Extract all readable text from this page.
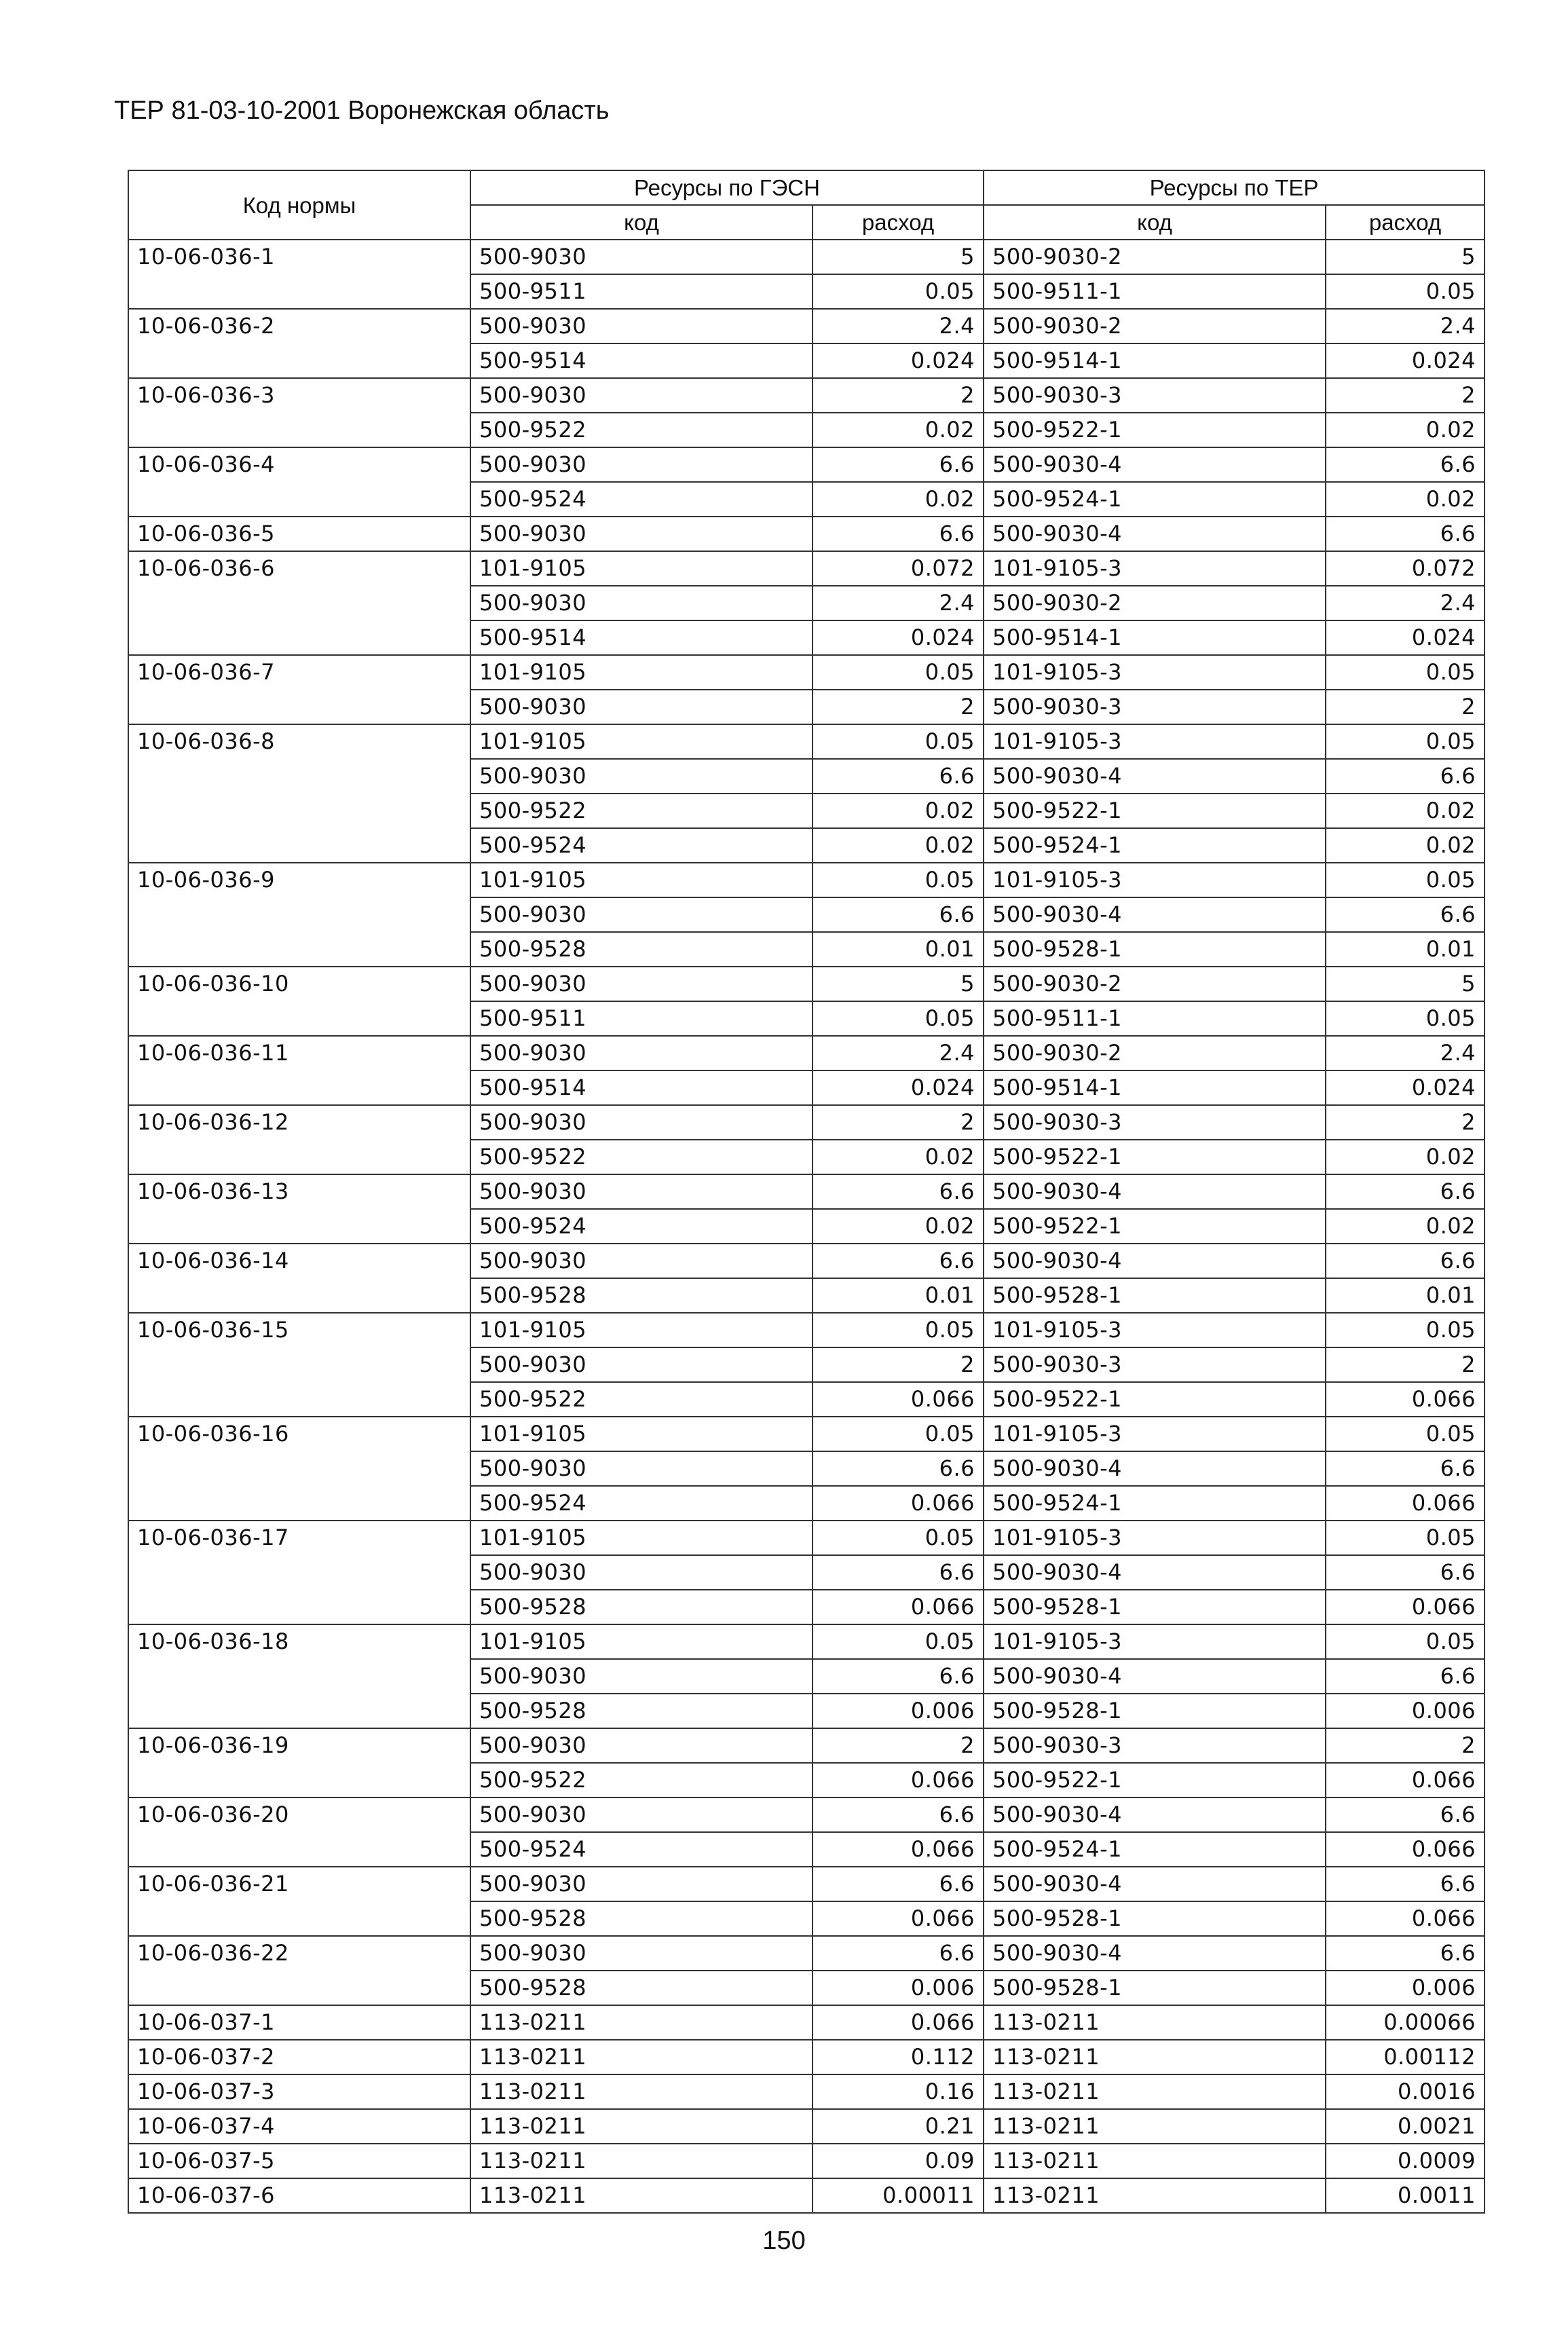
ТЕР 81-03-10-2001 Воронежская область
Код нормы	Ресурсы по ГЭСН		Ресурсы по ТЕР	
	код	расход	код	расход
10-06-036-1	500-9030	5	500-9030-2	5
	500-9511	0.05	500-9511-1	0.05
10-06-036-2	500-9030	2.4	500-9030-2	2.4
	500-9514	0.024	500-9514-1	0.024
10-06-036-3	500-9030	2	500-9030-3	2
	500-9522	0.02	500-9522-1	0.02
10-06-036-4	500-9030	6.6	500-9030-4	6.6
	500-9524	0.02	500-9524-1	0.02
10-06-036-5	500-9030	6.6	500-9030-4	6.6
10-06-036-6	101-9105	0.072	101-9105-3	0.072
	500-9030	2.4	500-9030-2	2.4
	500-9514	0.024	500-9514-1	0.024
10-06-036-7	101-9105	0.05	101-9105-3	0.05
	500-9030	2	500-9030-3	2
10-06-036-8	101-9105	0.05	101-9105-3	0.05
	500-9030	6.6	500-9030-4	6.6
	500-9522	0.02	500-9522-1	0.02
	500-9524	0.02	500-9524-1	0.02
10-06-036-9	101-9105	0.05	101-9105-3	0.05
	500-9030	6.6	500-9030-4	6.6
	500-9528	0.01	500-9528-1	0.01
10-06-036-10	500-9030	5	500-9030-2	5
	500-9511	0.05	500-9511-1	0.05
10-06-036-11	500-9030	2.4	500-9030-2	2.4
	500-9514	0.024	500-9514-1	0.024
10-06-036-12	500-9030	2	500-9030-3	2
	500-9522	0.02	500-9522-1	0.02
10-06-036-13	500-9030	6.6	500-9030-4	6.6
	500-9524	0.02	500-9522-1	0.02
10-06-036-14	500-9030	6.6	500-9030-4	6.6
	500-9528	0.01	500-9528-1	0.01
10-06-036-15	101-9105	0.05	101-9105-3	0.05
	500-9030	2	500-9030-3	2
	500-9522	0.066	500-9522-1	0.066
10-06-036-16	101-9105	0.05	101-9105-3	0.05
	500-9030	6.6	500-9030-4	6.6
	500-9524	0.066	500-9524-1	0.066
10-06-036-17	101-9105	0.05	101-9105-3	0.05
	500-9030	6.6	500-9030-4	6.6
	500-9528	0.066	500-9528-1	0.066
10-06-036-18	101-9105	0.05	101-9105-3	0.05
	500-9030	6.6	500-9030-4	6.6
	500-9528	0.006	500-9528-1	0.006
10-06-036-19	500-9030	2	500-9030-3	2
	500-9522	0.066	500-9522-1	0.066
10-06-036-20	500-9030	6.6	500-9030-4	6.6
	500-9524	0.066	500-9524-1	0.066
10-06-036-21	500-9030	6.6	500-9030-4	6.6
	500-9528	0.066	500-9528-1	0.066
10-06-036-22	500-9030	6.6	500-9030-4	6.6
	500-9528	0.006	500-9528-1	0.006
10-06-037-1	113-0211	0.066	113-0211	0.00066
10-06-037-2	113-0211	0.112	113-0211	0.00112
10-06-037-3	113-0211	0.16	113-0211	0.0016
10-06-037-4	113-0211	0.21	113-0211	0.0021
10-06-037-5	113-0211	0.09	113-0211	0.0009
10-06-037-6	113-0211	0.00011	113-0211	0.0011
150
